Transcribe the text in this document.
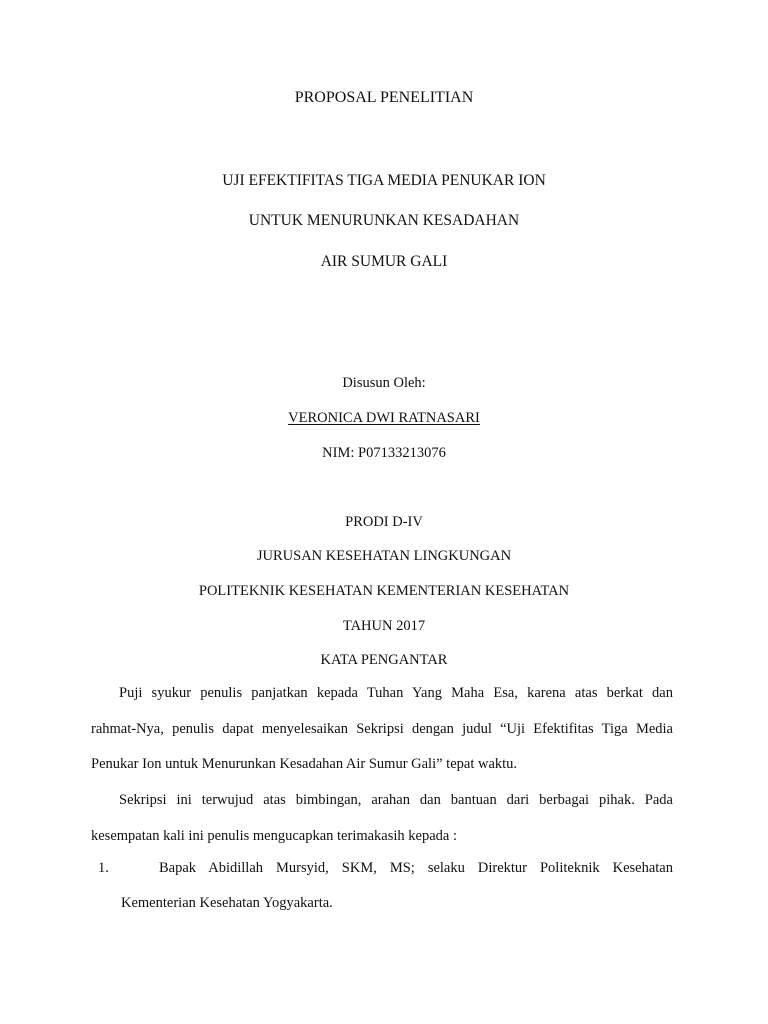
PROPOSAL PENELITIAN
UJI EFEKTIFITAS TIGA MEDIA PENUKAR ION
UNTUK MENURUNKAN KESADAHAN
AIR SUMUR GALI
Disusun Oleh:
VERONICA DWI RATNASARI
NIM: P07133213076
PRODI D-IV
JURUSAN KESEHATAN LINGKUNGAN
POLITEKNIK KESEHATAN KEMENTERIAN KESEHATAN
TAHUN 2017
KATA PENGANTAR
Puji syukur penulis panjatkan kepada Tuhan Yang Maha Esa, karena atas berkat dan
rahmat-Nya, penulis dapat menyelesaikan Sekripsi dengan judul “Uji Efektifitas Tiga Media
Penukar Ion untuk Menurunkan Kesadahan Air Sumur Gali” tepat waktu.
Sekripsi ini terwujud atas bimbingan, arahan dan bantuan dari berbagai pihak. Pada
kesempatan kali ini penulis mengucapkan terimakasih kepada :
1.	Bapak Abidillah Mursyid, SKM, MS; selaku Direktur Politeknik Kesehatan
Kementerian Kesehatan Yogyakarta.
